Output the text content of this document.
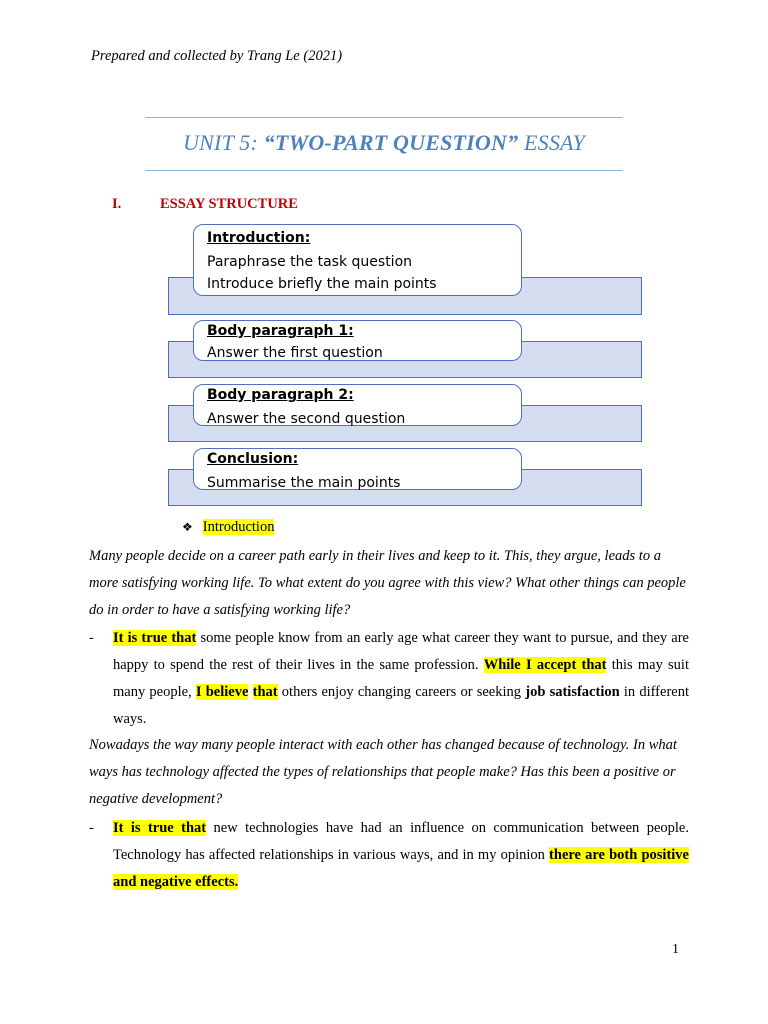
Prepared and collected by Trang Le (2021)
UNIT 5: “TWO-PART QUESTION” ESSAY
I.	ESSAY STRUCTURE
Introduction:
Paraphrase the task question
Introduce briefly the main points
Body paragraph 1:
Answer the first question
Body paragraph 2:
Answer the second question
Conclusion:
Summarise the main points
❖ Introduction
Many people decide on a career path early in their lives and keep to it. This, they argue, leads to a more satisfying working life. To what extent do you agree with this view? What other things can people do in order to have a satisfying working life?
- It is true that some people know from an early age what career they want to pursue, and they are happy to spend the rest of their lives in the same profession. While I accept that this may suit many people, I believe that others enjoy changing careers or seeking job satisfaction in different ways.
Nowadays the way many people interact with each other has changed because of technology. In what ways has technology affected the types of relationships that people make? Has this been a positive or negative development?
- It is true that new technologies have had an influence on communication between people. Technology has affected relationships in various ways, and in my opinion there are both positive and negative effects.
1
